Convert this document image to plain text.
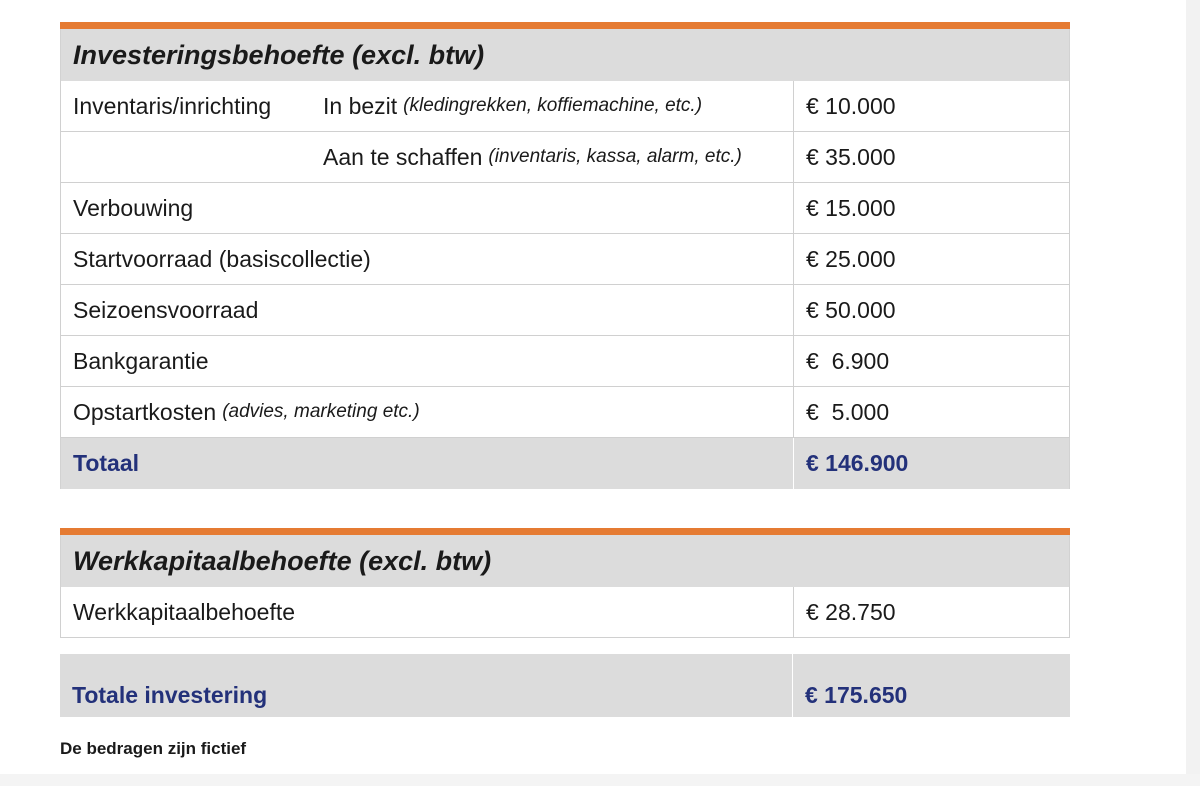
Investeringsbehoefte (excl. btw)
Inventaris/inrichting In bezit (kledingrekken, koffiemachine, etc.)	€ 10.000
Aan te schaffen (inventaris, kassa, alarm, etc.)	€ 35.000
Verbouwing	€ 15.000
Startvoorraad (basiscollectie)	€ 25.000
Seizoensvoorraad	€ 50.000
Bankgarantie	€  6.900
Opstartkosten (advies, marketing etc.)	€  5.000
Totaal	€ 146.900
Werkkapitaalbehoefte (excl. btw)
Werkkapitaalbehoefte	€ 28.750
Totale investering	€ 175.650
De bedragen zijn fictief
